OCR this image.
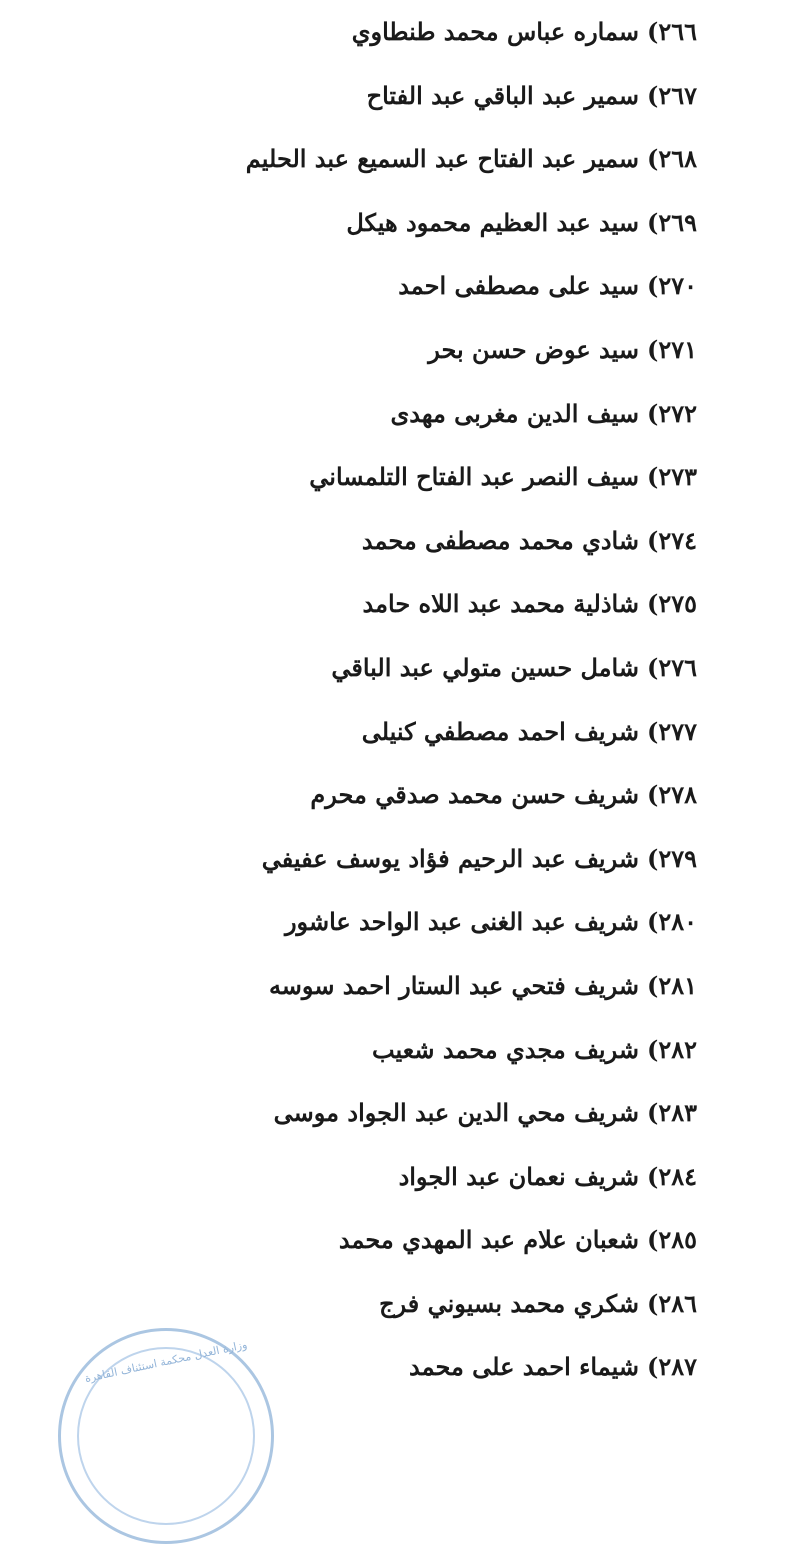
٢٦٦)سماره عباس محمد طنطاوي
٢٦٧)سمير عبد الباقي عبد الفتاح
٢٦٨)سمير عبد الفتاح عبد السميع عبد الحليم
٢٦٩)سيد عبد العظيم محمود هيكل
٢٧٠)سيد على مصطفى احمد
٢٧١)سيد عوض حسن بحر
٢٧٢)سيف الدين مغربى مهدى
٢٧٣)سيف النصر عبد الفتاح التلمساني
٢٧٤)شادي محمد مصطفى محمد
٢٧٥)شاذلية محمد عبد اللاه حامد
٢٧٦)شامل حسين متولي عبد الباقي
٢٧٧)شريف احمد مصطفي كنيلى
٢٧٨)شريف حسن محمد صدقي محرم
٢٧٩)شريف عبد الرحيم فؤاد يوسف عفيفي
٢٨٠)شريف عبد الغنى عبد الواحد عاشور
٢٨١)شريف فتحي عبد الستار احمد سوسه
٢٨٢)شريف مجدي محمد شعيب
٢٨٣)شريف محي الدين عبد الجواد موسى
٢٨٤)شريف نعمان عبد الجواد
٢٨٥)شعبان علام عبد المهدي محمد
٢٨٦)شكري محمد بسيوني فرج
٢٨٧)شيماء احمد على محمد
وزارة العدل محكمة استئناف القاهرة
